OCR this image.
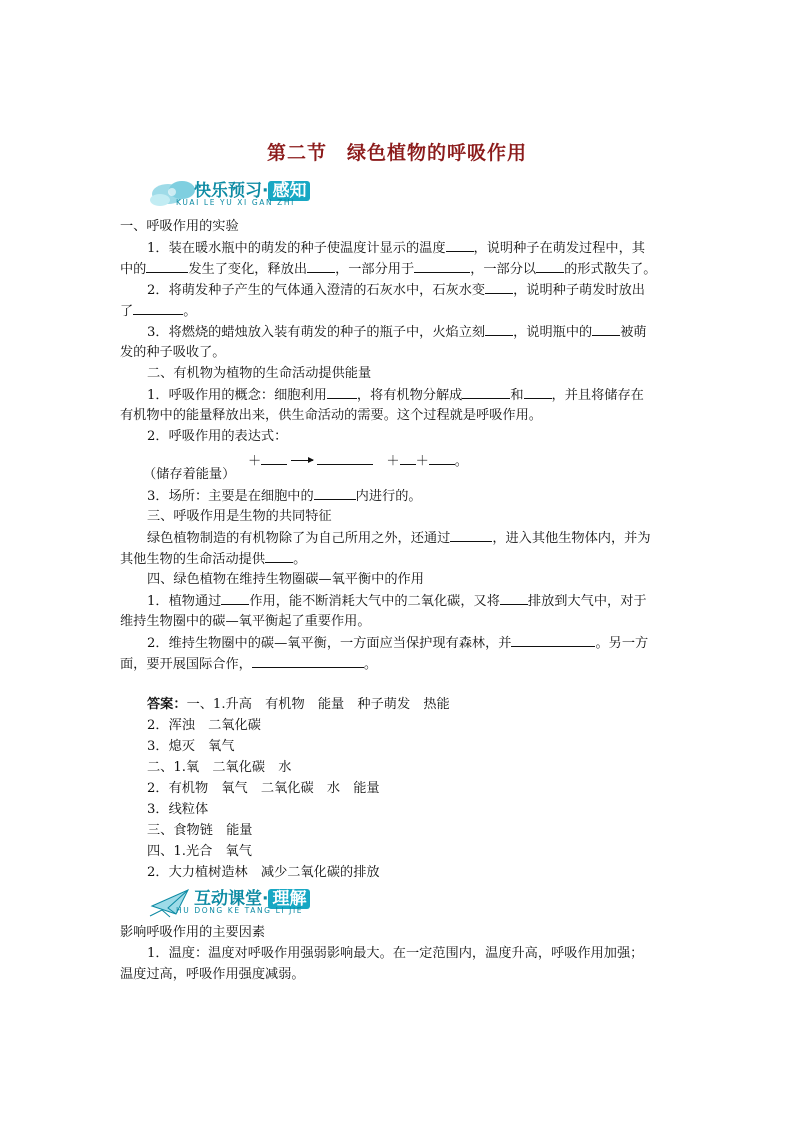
第二节　绿色植物的呼吸作用
快乐预习· 感知
KUAI LE YU XI GAN ZHI
一、呼吸作用的实验
1．装在暖水瓶中的萌发的种子使温度计显示的温度 ，说明种子在萌发过程中，其
中的	发生了变化，释放出 ，一部分用于	，一部分以 的形式散失了。
2．将萌发种子产生的气体通入澄清的石灰水中，石灰水变 ，说明种子萌发时放出
了	。
3．将燃烧的蜡烛放入装有萌发的种子的瓶子中，火焰立刻 ，说明瓶中的 被萌
发的种子吸收了。
二、有机物为植物的生命活动提供能量
1．呼吸作用的概念：细胞利用 ，将有机物分解成	和 ，并且将储存在
有机物中的能量释放出来，供生命活动的需要。这个过程就是呼吸作用。
2．呼吸作用的表达式：
＋　	＋ ＋ 。
（储存着能量）
3．场所：主要是在细胞中的	内进行的。
三、呼吸作用是生物的共同特征
绿色植物制造的有机物除了为自己所用之外，还通过	，进入其他生物体内，并为
其他生物的生命活动提供 。
四、绿色植物在维持生物圈碳—氧平衡中的作用
1．植物通过 作用，能不断消耗大气中的二氧化碳，又将 排放到大气中，对于
维持生物圈中的碳—氧平衡起了重要作用。
2．维持生物圈中的碳—氧平衡，一方面应当保护现有森林，并	。另一方
面，要开展国际合作，	。
答案：一、1.升高　有机物　能量　种子萌发　热能
2．浑浊　二氧化碳
3．熄灭　氧气
二、1.氧　二氧化碳　水
2．有机物　氧气　二氧化碳　水　能量
3．线粒体
三、食物链　能量
四、1.光合　氧气
2．大力植树造林　减少二氧化碳的排放
互动课堂· 理解
HU DONG KE TANG LI JIE
影响呼吸作用的主要因素
1．温度：温度对呼吸作用强弱影响最大。在一定范围内，温度升高，呼吸作用加强；
温度过高，呼吸作用强度减弱。
